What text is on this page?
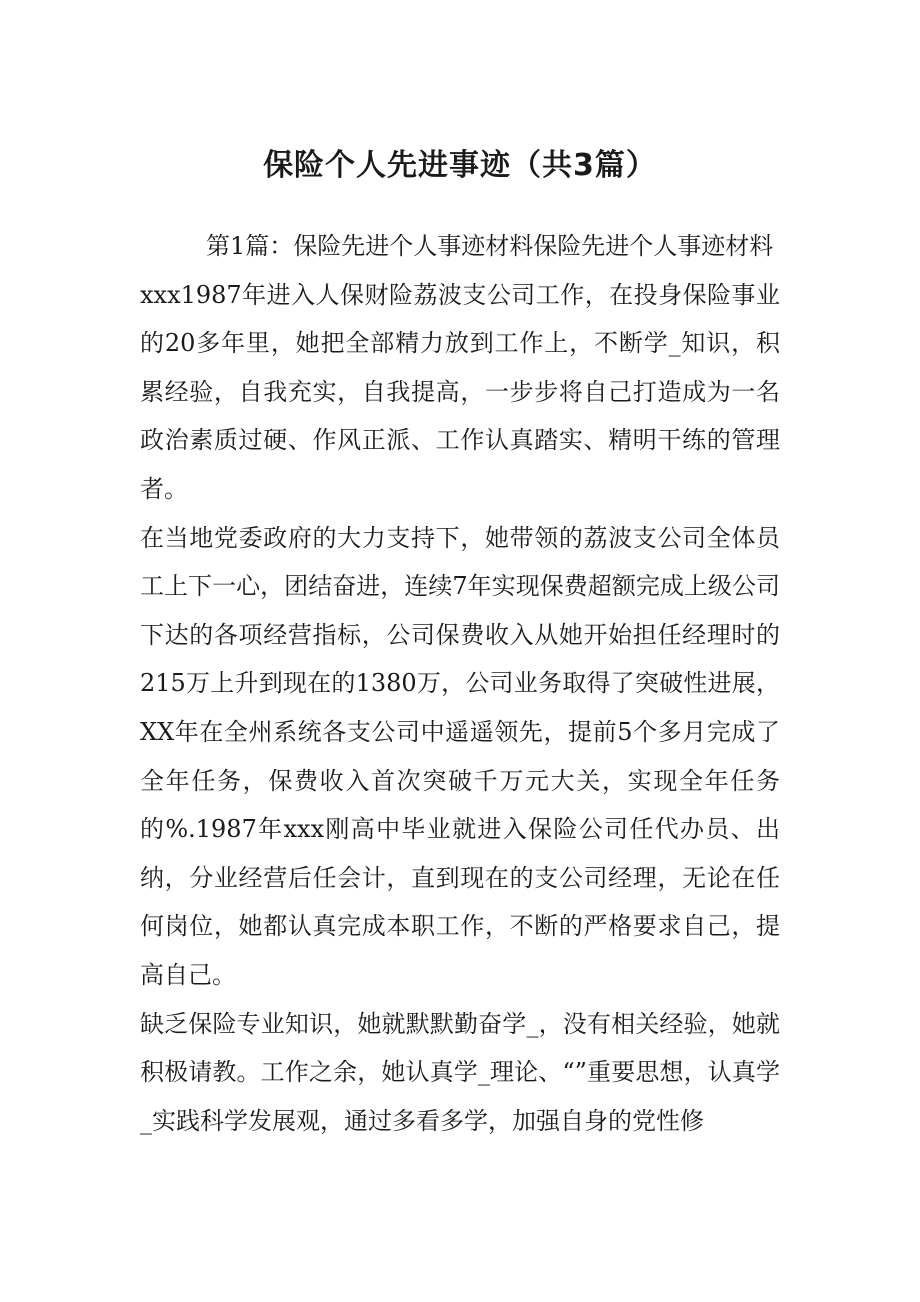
保险个人先进事迹（共3篇）

第1篇：保险先进个人事迹材料保险先进个人事迹材料

xxx1987年进入人保财险荔波支公司工作，在投身保险事业的20多年里，她把全部精力放到工作上，不断学_知识，积累经验，自我充实，自我提高，一步步将自己打造成为一名政治素质过硬、作风正派、工作认真踏实、精明干练的管理者。

在当地党委政府的大力支持下，她带领的荔波支公司全体员工上下一心，团结奋进，连续7年实现保费超额完成上级公司下达的各项经营指标，公司保费收入从她开始担任经理时的215万上升到现在的1380万，公司业务取得了突破性进展，XX年在全州系统各支公司中遥遥领先，提前5个多月完成了全年任务，保费收入首次突破千万元大关，实现全年任务的%.1987年xxx刚高中毕业就进入保险公司任代办员、出纳，分业经营后任会计，直到现在的支公司经理，无论在任何岗位，她都认真完成本职工作，不断的严格要求自己，提高自己。

缺乏保险专业知识，她就默默勤奋学_，没有相关经验，她就积极请教。工作之余，她认真学_理论、“”重要思想，认真学_实践科学发展观，通过多看多学，加强自身的党性修
